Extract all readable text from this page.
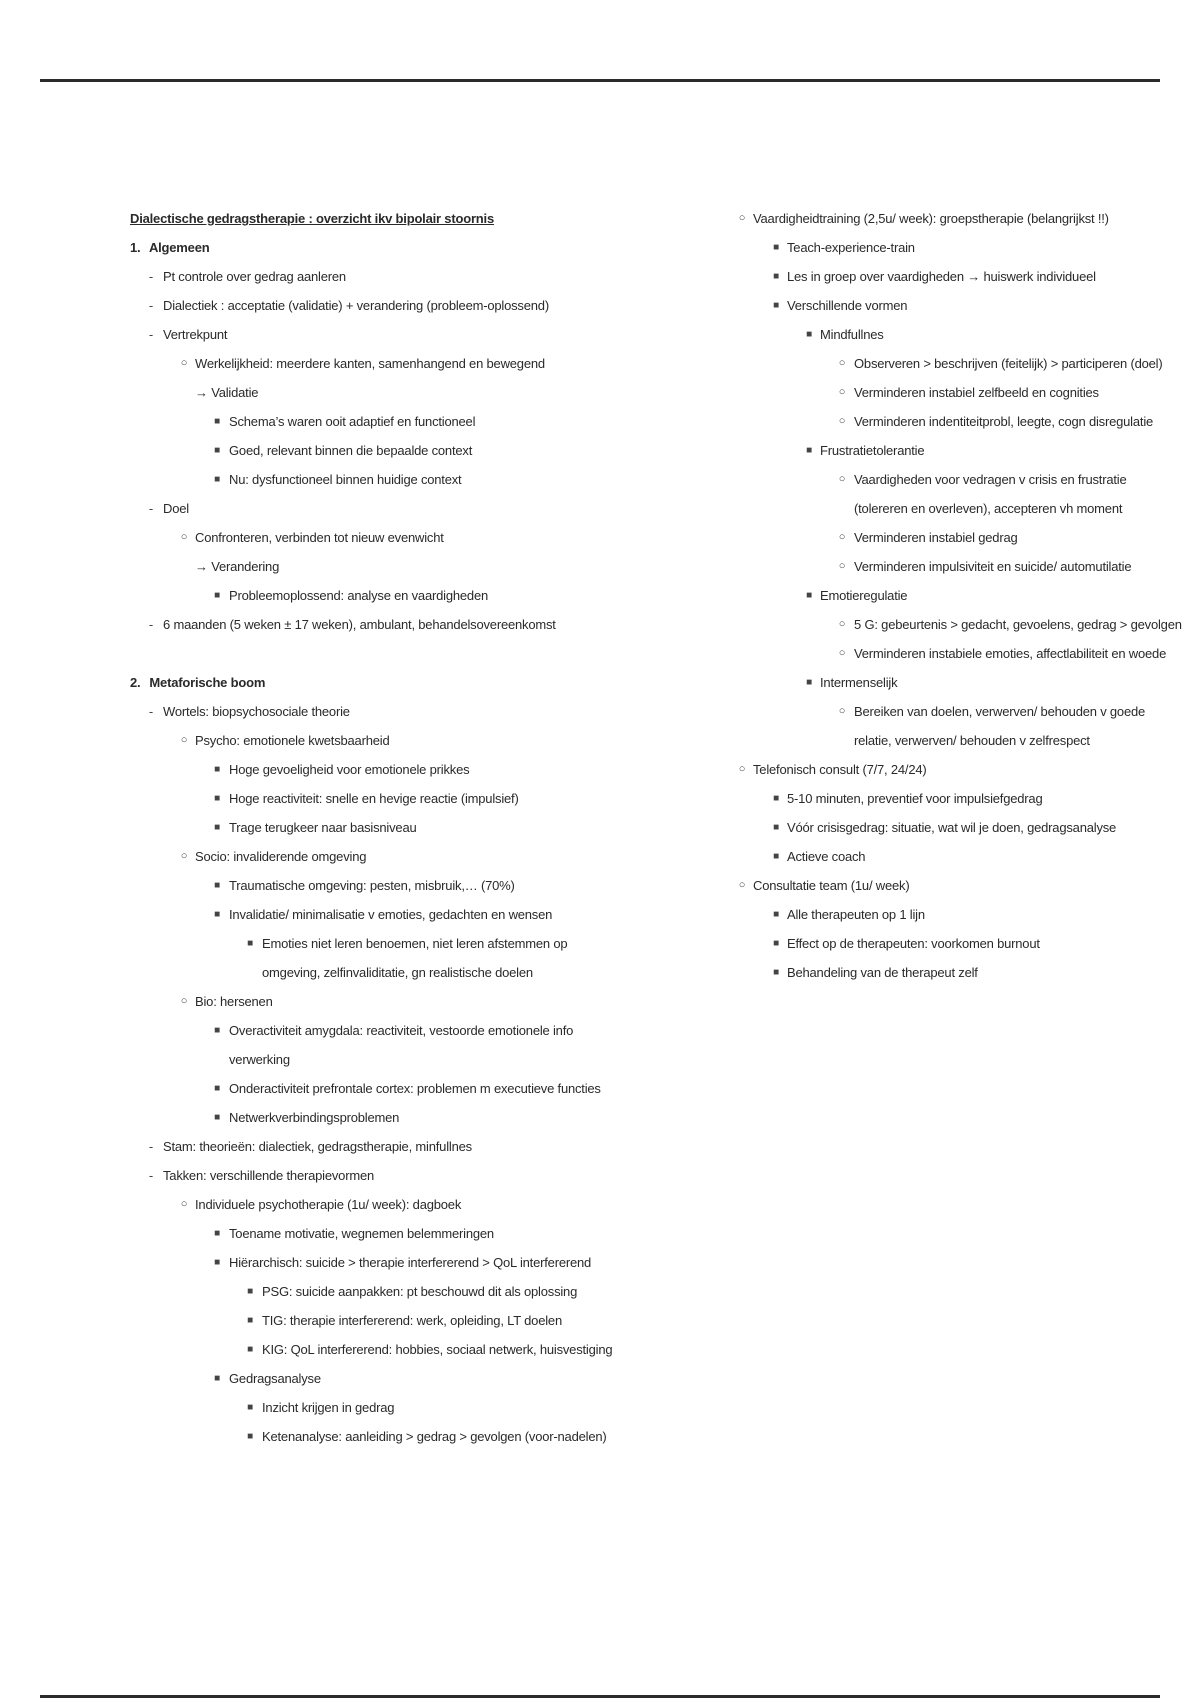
Dialectische gedragstherapie : overzicht ikv bipolair stoornis
1. Algemeen
- Pt controle over gedrag aanleren
- Dialectiek : acceptatie (validatie) + verandering (probleem-oplossend)
- Vertrekpunt
○ Werkelijkheid: meerdere kanten, samenhangend en bewegend
→ Validatie
■ Schema’s waren ooit adaptief en functioneel
■ Goed, relevant binnen die bepaalde context
■ Nu: dysfunctioneel binnen huidige context
- Doel
○ Confronteren, verbinden tot nieuw evenwicht
→ Verandering
■ Probleemoplossend: analyse en vaardigheden
- 6 maanden (5 weken ± 17 weken), ambulant, behandelsovereenkomst
2. Metaforische boom
- Wortels: biopsychosociale theorie
○ Psycho: emotionele kwetsbaarheid
■ Hoge gevoeligheid voor emotionele prikkes
■ Hoge reactiviteit: snelle en hevige reactie (impulsief)
■ Trage terugkeer naar basisniveau
○ Socio: invaliderende omgeving
■ Traumatische omgeving: pesten, misbruik,… (70%)
■ Invalidatie/ minimalisatie v emoties, gedachten en wensen
■ Emoties niet leren benoemen, niet leren afstemmen op
omgeving, zelfinvaliditatie, gn realistische doelen
○ Bio: hersenen
■ Overactiviteit amygdala: reactiviteit, vestoorde emotionele info
verwerking
■ Onderactiviteit prefrontale cortex: problemen m executieve functies
■ Netwerkverbindingsproblemen
- Stam: theorieën: dialectiek, gedragstherapie, minfullnes
- Takken: verschillende therapievormen
○ Individuele psychotherapie (1u/ week): dagboek
■ Toename motivatie, wegnemen belemmeringen
■ Hiërarchisch: suicide > therapie interfererend > QoL interfererend
■ PSG: suicide aanpakken: pt beschouwd dit als oplossing
■ TIG: therapie interfererend: werk, opleiding, LT doelen
■ KIG: QoL interfererend: hobbies, sociaal netwerk, huisvestiging
■ Gedragsanalyse
■ Inzicht krijgen in gedrag
■ Ketenanalyse: aanleiding > gedrag > gevolgen (voor-nadelen)
○ Vaardigheidtraining (2,5u/ week): groepstherapie (belangrijkst !!)
■ Teach-experience-train
■ Les in groep over vaardigheden → huiswerk individueel
■ Verschillende vormen
■ Mindfullnes
○ Observeren > beschrijven (feitelijk) > participeren (doel)
○ Verminderen instabiel zelfbeeld en cognities
○ Verminderen indentiteitprobl, leegte, cogn disregulatie
■ Frustratietolerantie
○ Vaardigheden voor vedragen v crisis en frustratie
(tolereren en overleven), accepteren vh moment
○ Verminderen instabiel gedrag
○ Verminderen impulsiviteit en suicide/ automutilatie
■ Emotieregulatie
○ 5 G: gebeurtenis > gedacht, gevoelens, gedrag > gevolgen
○ Verminderen instabiele emoties, affectlabiliteit en woede
■ Intermenselijk
○ Bereiken van doelen, verwerven/ behouden v goede
relatie, verwerven/ behouden v zelfrespect
○ Telefonisch consult (7/7, 24/24)
■ 5-10 minuten, preventief voor impulsiefgedrag
■ Vóór crisisgedrag: situatie, wat wil je doen, gedragsanalyse
■ Actieve coach
○ Consultatie team (1u/ week)
■ Alle therapeuten op 1 lijn
■ Effect op de therapeuten: voorkomen burnout
■ Behandeling van de therapeut zelf
